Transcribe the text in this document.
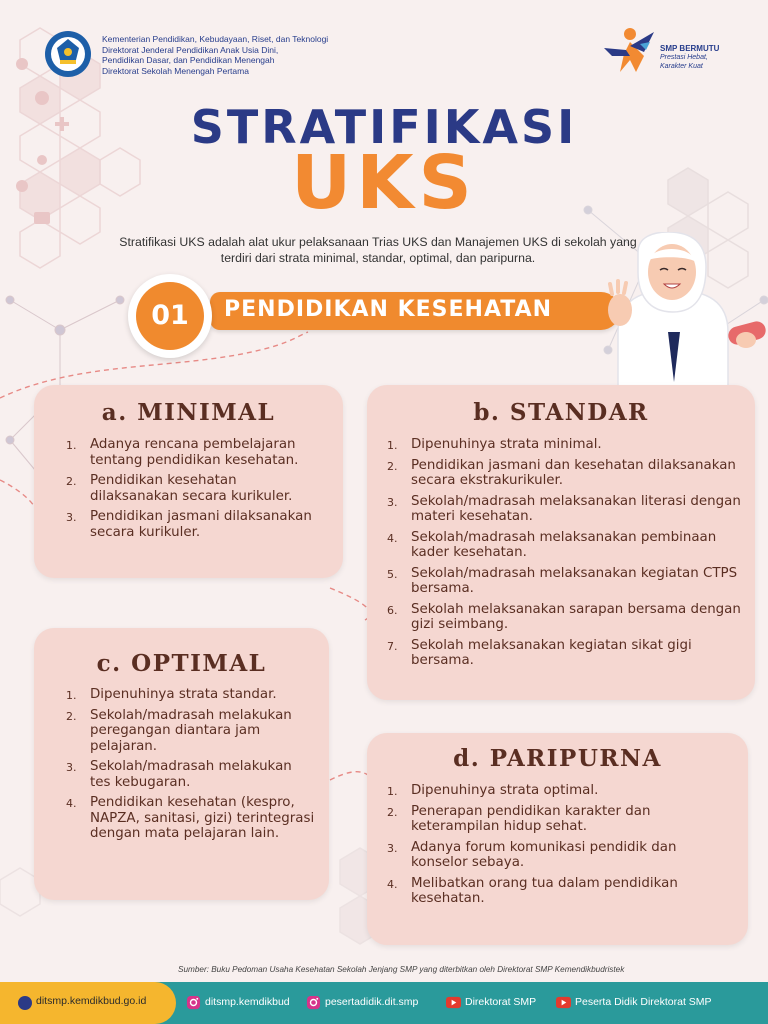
Kementerian Pendidikan, Kebudayaan, Riset, dan Teknologi
Direktorat Jenderal Pendidikan Anak Usia Dini,
Pendidikan Dasar, dan Pendidikan Menengah
Direktorat Sekolah Menengah Pertama
SMP BERMUTU
Prestasi Hebat,
Karakter Kuat
STRATIFIKASI
UKS
Stratifikasi UKS adalah alat ukur pelaksanaan Trias UKS dan Manajemen UKS di sekolah yang terdiri dari strata minimal, standar, optimal, dan paripurna.
PENDIDIKAN KESEHATAN
01
a. MINIMAL
1. Adanya rencana pembelajaran tentang pendidikan kesehatan.
2. Pendidikan kesehatan dilaksanakan secara kurikuler.
3. Pendidikan jasmani dilaksanakan secara kurikuler.
b. STANDAR
1. Dipenuhinya strata minimal.
2. Pendidikan jasmani dan kesehatan dilaksanakan secara ekstrakurikuler.
3. Sekolah/madrasah melaksanakan literasi dengan materi kesehatan.
4. Sekolah/madrasah melaksanakan pembinaan kader kesehatan.
5. Sekolah/madrasah melaksanakan kegiatan CTPS bersama.
6. Sekolah melaksanakan sarapan bersama dengan gizi seimbang.
7. Sekolah melaksanakan kegiatan sikat gigi bersama.
c. OPTIMAL
1. Dipenuhinya strata standar.
2. Sekolah/madrasah melakukan peregangan diantara jam pelajaran.
3. Sekolah/madrasah melakukan tes kebugaran.
4. Pendidikan kesehatan (kespro, NAPZA, sanitasi, gizi) terintegrasi dengan mata pelajaran lain.
d. PARIPURNA
1. Dipenuhinya strata optimal.
2. Penerapan pendidikan karakter dan keterampilan hidup sehat.
3. Adanya forum komunikasi pendidik dan konselor sebaya.
4. Melibatkan orang tua dalam pendidikan kesehatan.
Sumber: Buku Pedoman Usaha Kesehatan Sekolah Jenjang SMP yang diterbitkan oleh Direktorat SMP Kemendikbudristek
ditsmp.kemdikbud.go.id	ditsmp.kemdikbud	pesertadidik.dit.smp	Direktorat SMP	Peserta Didik Direktorat SMP
